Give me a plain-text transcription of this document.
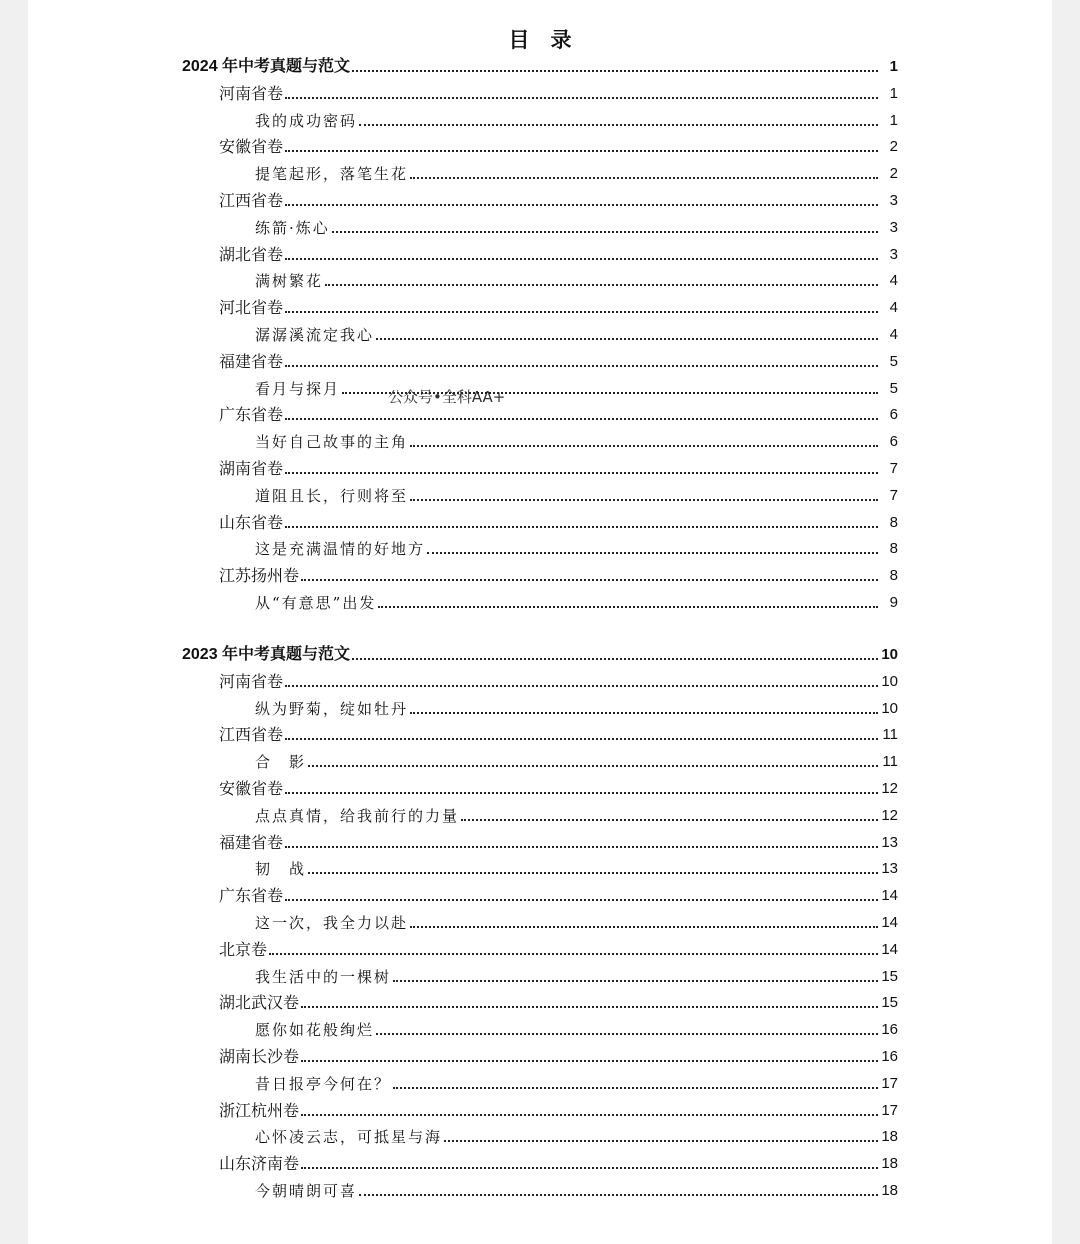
目　录
公众号•全科AA+
2024 年中考真题与范文	1
河南省卷	1
我的成功密码	1
安徽省卷	2
提笔起形，落笔生花	2
江西省卷	3
练箭·炼心	3
湖北省卷	3
满树繁花	4
河北省卷	4
潺潺溪流定我心	4
福建省卷	5
看月与探月	5
广东省卷	6
当好自己故事的主角	6
湖南省卷	7
道阻且长，行则将至	7
山东省卷	8
这是充满温情的好地方	8
江苏扬州卷	8
从“有意思”出发	9
2023 年中考真题与范文	10
河南省卷	10
纵为野菊，绽如牡丹	10
江西省卷	11
合　影	11
安徽省卷	12
点点真情，给我前行的力量	12
福建省卷	13
韧　战	13
广东省卷	14
这一次，我全力以赴	14
北京卷	14
我生活中的一棵树	15
湖北武汉卷	15
愿你如花般绚烂	16
湖南长沙卷	16
昔日报亭今何在？	17
浙江杭州卷	17
心怀凌云志，可抵星与海	18
山东济南卷	18
今朝晴朗可喜	18
